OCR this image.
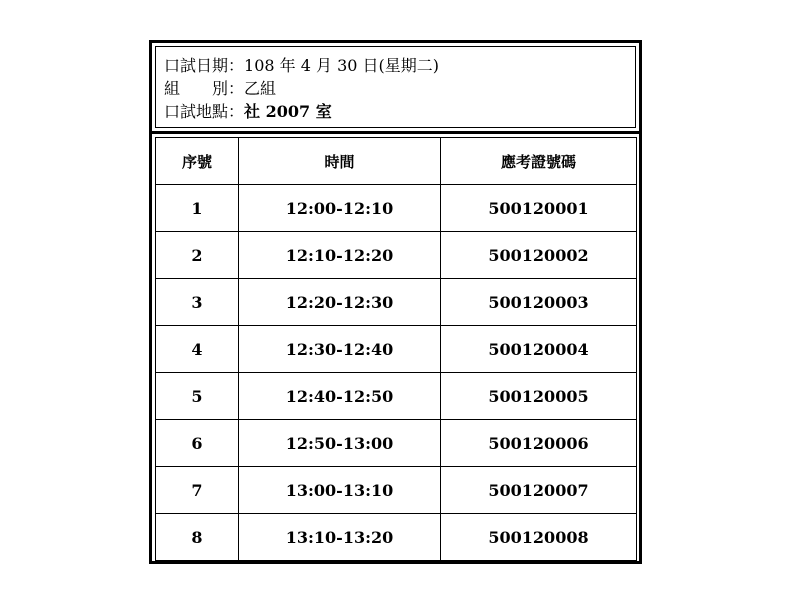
口試日期：108 年 4 月 30 日(星期二)
組　　別：乙組
口試地點：社 2007 室
序號	時間	應考證號碼
1	12:00-12:10	500120001
2	12:10-12:20	500120002
3	12:20-12:30	500120003
4	12:30-12:40	500120004
5	12:40-12:50	500120005
6	12:50-13:00	500120006
7	13:00-13:10	500120007
8	13:10-13:20	500120008
